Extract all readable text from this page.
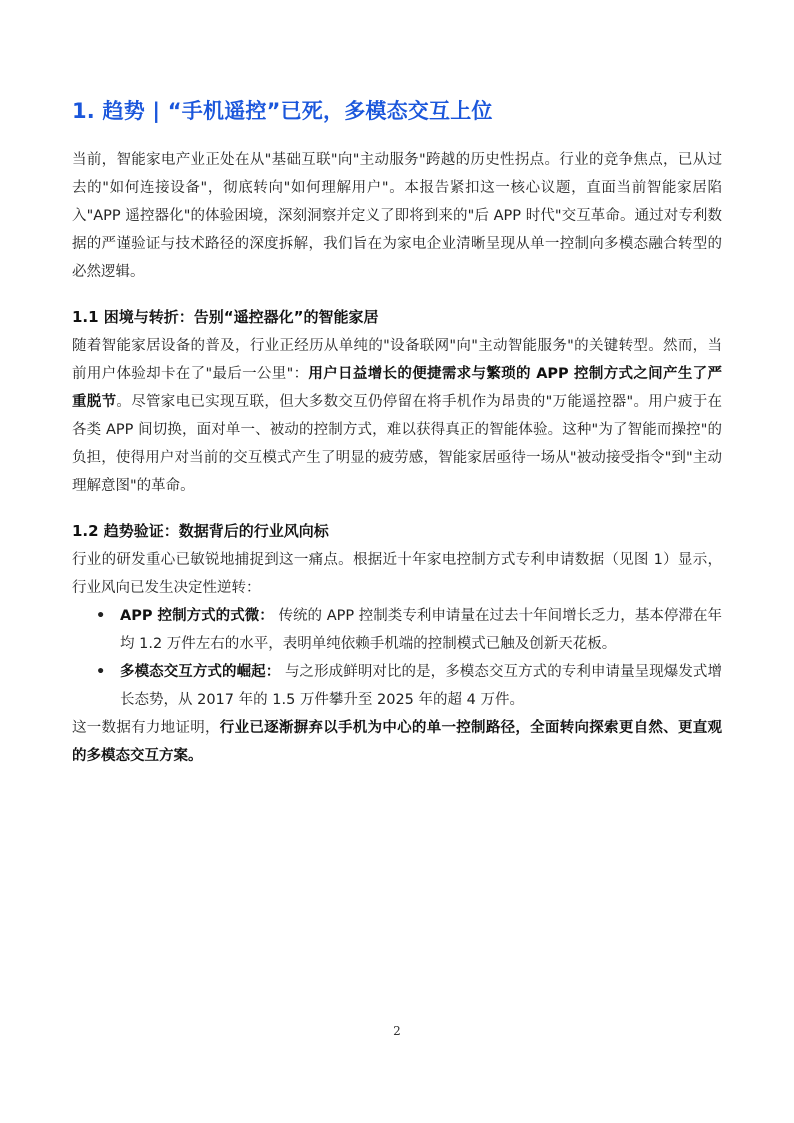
1. 趋势 | “手机遥控”已死，多模态交互上位

当前，智能家电产业正处在从"基础互联"向"主动服务"跨越的历史性拐点。行业的竞争焦点，已从过去的"如何连接设备"，彻底转向"如何理解用户"。本报告紧扣这一核心议题，直面当前智能家居陷入"APP 遥控器化"的体验困境，深刻洞察并定义了即将到来的"后 APP 时代"交互革命。通过对专利数据的严谨验证与技术路径的深度拆解，我们旨在为家电企业清晰呈现从单一控制向多模态融合转型的必然逻辑。

1.1 困境与转折：告别“遥控器化”的智能家居

随着智能家居设备的普及，行业正经历从单纯的"设备联网"向"主动智能服务"的关键转型。然而，当前用户体验却卡在了"最后一公里"：用户日益增长的便捷需求与繁琐的 APP 控制方式之间产生了严重脱节。尽管家电已实现互联，但大多数交互仍停留在将手机作为昂贵的"万能遥控器"。用户疲于在各类 APP 间切换，面对单一、被动的控制方式，难以获得真正的智能体验。这种"为了智能而操控"的负担，使得用户对当前的交互模式产生了明显的疲劳感，智能家居亟待一场从"被动接受指令"到"主动理解意图"的革命。

1.2 趋势验证：数据背后的行业风向标

行业的研发重心已敏锐地捕捉到这一痛点。根据近十年家电控制方式专利申请数据（见图 1）显示，行业风向已发生决定性逆转：

• APP 控制方式的式微： 传统的 APP 控制类专利申请量在过去十年间增长乏力，基本停滞在年均 1.2 万件左右的水平，表明单纯依赖手机端的控制模式已触及创新天花板。
• 多模态交互方式的崛起： 与之形成鲜明对比的是，多模态交互方式的专利申请量呈现爆发式增长态势，从 2017 年的 1.5 万件攀升至 2025 年的超 4 万件。

这一数据有力地证明，行业已逐渐摒弃以手机为中心的单一控制路径，全面转向探索更自然、更直观的多模态交互方案。

2
